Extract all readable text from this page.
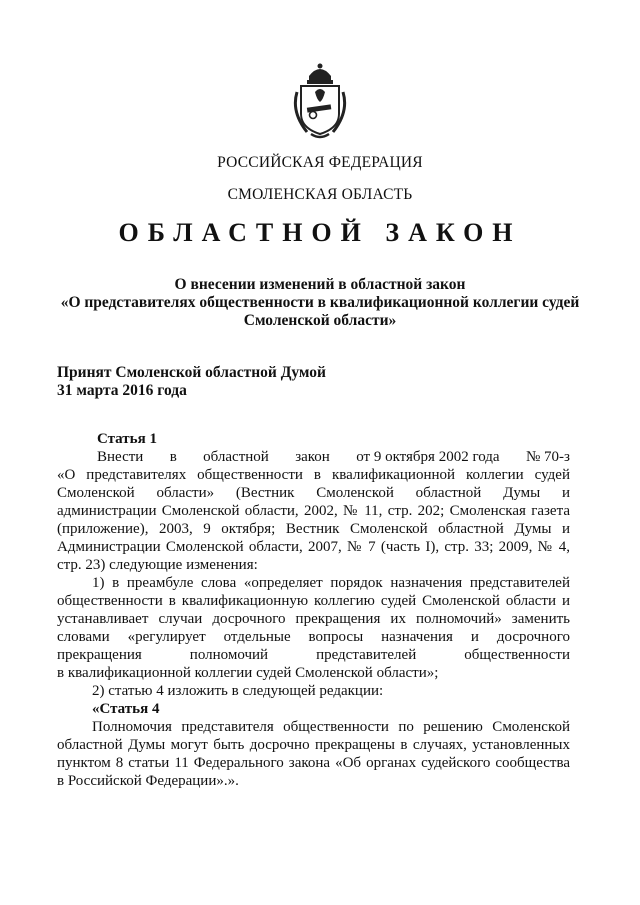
РОССИЙСКАЯ ФЕДЕРАЦИЯ
СМОЛЕНСКАЯ ОБЛАСТЬ
ОБЛАСТНОЙ ЗАКОН
О внесении изменений в областной закон
«О представителях общественности в квалификационной коллегии судей
Смоленской области»
Принят Смоленской областной Думой
31 марта 2016 года
Статья 1
Внести в областной закон от 9 октября 2002 года № 70-з
«О представителях общественности в квалификационной коллегии судей
Смоленской области» (Вестник Смоленской областной Думы и
администрации Смоленской области, 2002, № 11, стр. 202; Смоленская газета
(приложение), 2003, 9 октября; Вестник Смоленской областной Думы и
Администрации Смоленской области, 2007, № 7 (часть I), стр. 33; 2009, № 4,
стр. 23) следующие изменения:
1) в преамбуле слова «определяет порядок назначения представителей
общественности в квалификационную коллегию судей Смоленской области и
устанавливает случаи досрочного прекращения их полномочий» заменить
словами «регулирует отдельные вопросы назначения и досрочного
прекращения	полномочий	представителей	общественности
в квалификационной коллегии судей Смоленской области»;
2) статью 4 изложить в следующей редакции:
«Статья 4
Полномочия представителя общественности по решению Смоленской
областной Думы могут быть досрочно прекращены в случаях, установленных
пунктом 8 статьи 11 Федерального закона «Об органах судейского сообщества
в Российской Федерации».».
